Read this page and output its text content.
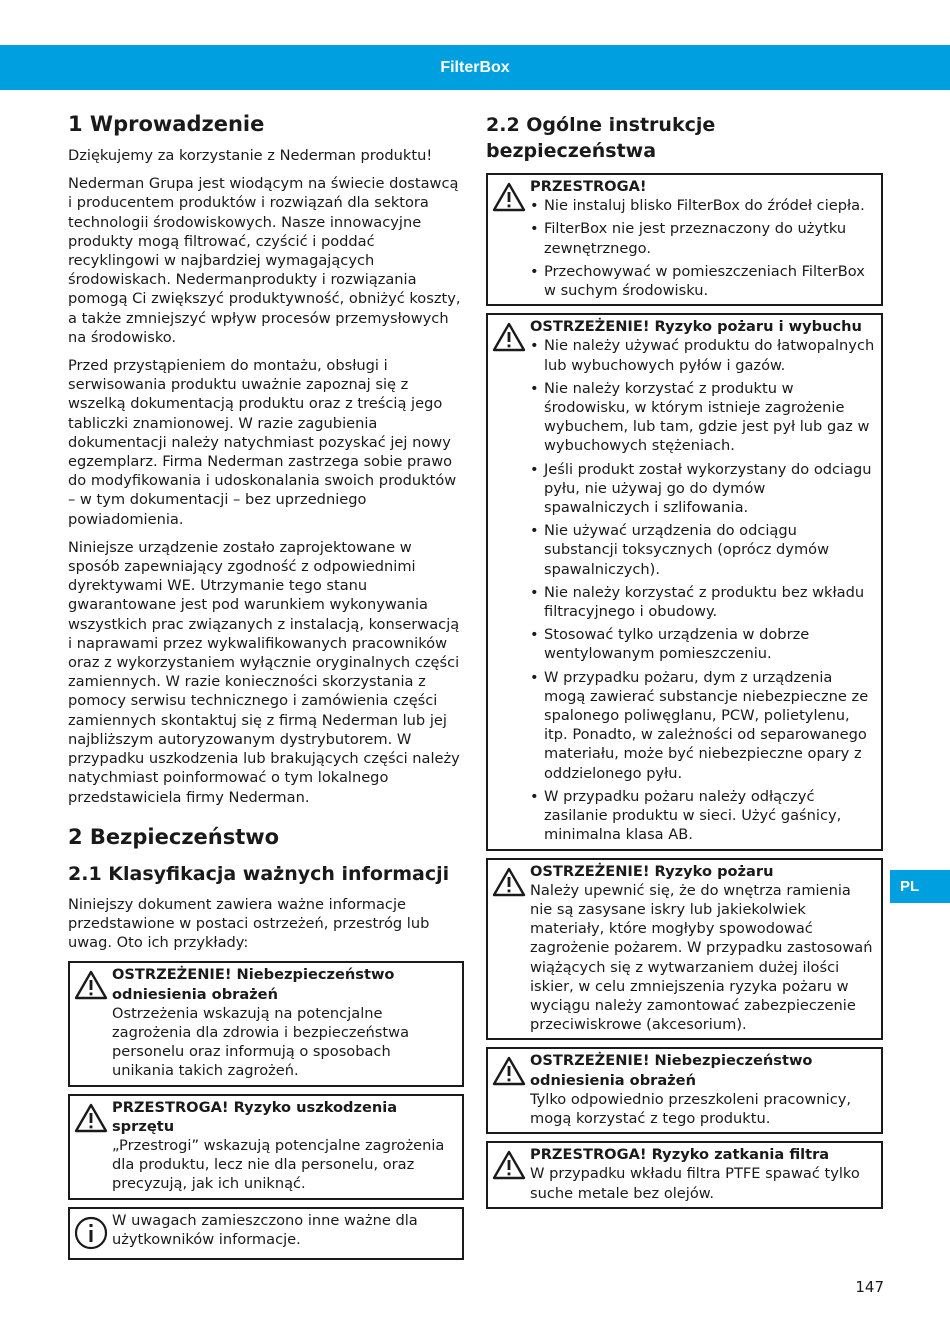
FilterBox
1 Wprowadzenie

Dziękujemy za korzystanie z Nederman produktu!

Nederman Grupa jest wiodącym na świecie dostawcą i producentem produktów i rozwiązań dla sektora technologii środowiskowych. Nasze innowacyjne produkty mogą filtrować, czyścić i poddać recyklingowi w najbardziej wymagających środowiskach. Nedermanprodukty i rozwiązania pomogą Ci zwiększyć produktywność, obniżyć koszty, a także zmniejszyć wpływ procesów przemysłowych na środowisko.

Przed przystąpieniem do montażu, obsługi i serwisowania produktu uważnie zapoznaj się z wszelką dokumentacją produktu oraz z treścią jego tabliczki znamionowej. W razie zagubienia dokumentacji należy natychmiast pozyskać jej nowy egzemplarz. Firma Nederman zastrzega sobie prawo do modyfikowania i udoskonalania swoich produktów – w tym dokumentacji – bez uprzedniego powiadomienia.

Niniejsze urządzenie zostało zaprojektowane w sposób zapewniający zgodność z odpowiednimi dyrektywami WE. Utrzymanie tego stanu gwarantowane jest pod warunkiem wykonywania wszystkich prac związanych z instalacją, konserwacją i naprawami przez wykwalifikowanych pracowników oraz z wykorzystaniem wyłącznie oryginalnych części zamiennych. W razie konieczności skorzystania z pomocy serwisu technicznego i zamówienia części zamiennych skontaktuj się z firmą Nederman lub jej najbliższym autoryzowanym dystrybutorem. W przypadku uszkodzenia lub brakujących części należy natychmiast poinformować o tym lokalnego przedstawiciela firmy Nederman.

2 Bezpieczeństwo
2.1 Klasyfikacja ważnych informacji

Niniejszy dokument zawiera ważne informacje przedstawione w postaci ostrzeżeń, przestróg lub uwag. Oto ich przykłady:

OSTRZEŻENIE! Niebezpieczeństwo odniesienia obrażeń
Ostrzeżenia wskazują na potencjalne zagrożenia dla zdrowia i bezpieczeństwa personelu oraz informują o sposobach unikania takich zagrożeń.
PRZESTROGA! Ryzyko uszkodzenia sprzętu
„Przestrogi” wskazują potencjalne zagrożenia dla produktu, lecz nie dla personelu, oraz precyzują, jak ich uniknąć.
W uwagach zamieszczono inne ważne dla użytkowników informacje.
2.2 Ogólne instrukcje bezpieczeństwa
PRZESTROGA!
• Nie instaluj blisko FilterBox do źródeł ciepła.
• FilterBox nie jest przeznaczony do użytku zewnętrznego.
• Przechowywać w pomieszczeniach FilterBox w suchym środowisku.
OSTRZEŻENIE! Ryzyko pożaru i wybuchu
• Nie należy używać produktu do łatwopalnych lub wybuchowych pyłów i gazów.
• Nie należy korzystać z produktu w środowisku, w którym istnieje zagrożenie wybuchem, lub tam, gdzie jest pył lub gaz w wybuchowych stężeniach.
• Jeśli produkt został wykorzystany do odciagu pyłu, nie używaj go do dymów spawalniczych i szlifowania.
• Nie używać urządzenia do odciągu substancji toksycznych (oprócz dymów spawalniczych).
• Nie należy korzystać z produktu bez wkładu filtracyjnego i obudowy.
• Stosować tylko urządzenia w dobrze wentylowanym pomieszczeniu.
• W przypadku pożaru, dym z urządzenia mogą zawierać substancje niebezpieczne ze spalonego poliwęglanu, PCW, polietylenu, itp. Ponadto, w zależności od separowanego materiału, może być niebezpieczne opary z oddzielonego pyłu.
• W przypadku pożaru należy odłączyć zasilanie produktu w sieci. Użyć gaśnicy, minimalna klasa AB.
OSTRZEŻENIE! Ryzyko pożaru
Należy upewnić się, że do wnętrza ramienia nie są zasysane iskry lub jakiekolwiek materiały, które mogłyby spowodować zagrożenie pożarem. W przypadku zastosowań wiążących się z wytwarzaniem dużej ilości iskier, w celu zmniejszenia ryzyka pożaru w wyciągu należy zamontować zabezpieczenie przeciwiskrowe (akcesorium).
OSTRZEŻENIE! Niebezpieczeństwo odniesienia obrażeń
Tylko odpowiednio przeszkoleni pracownicy, mogą korzystać z tego produktu.
PRZESTROGA! Ryzyko zatkania filtra
W przypadku wkładu filtra PTFE spawać tylko suche metale bez olejów.
PL
147
